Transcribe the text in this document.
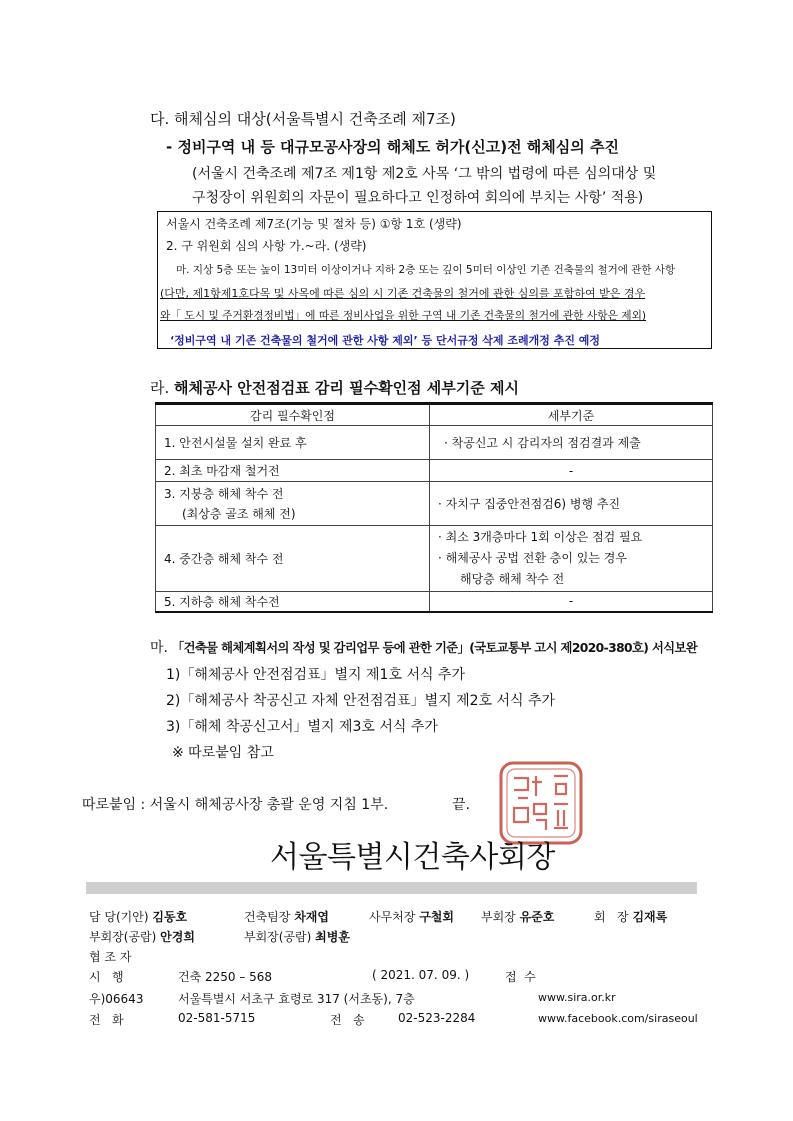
다. 해체심의 대상(서울특별시 건축조례 제7조)
- 정비구역 내 등 대규모공사장의 해체도 허가(신고)전 해체심의 추진
(서울시 건축조례 제7조 제1항 제2호 사목 ‘그 밖의 법령에 따른 심의대상 및
구청장이 위원회의 자문이 필요하다고 인정하여 회의에 부치는 사항’ 적용)
서울시 건축조례 제7조(기능 및 절차 등) ①항 1호 (생략)
2. 구 위원회 심의 사항 가.~라. (생략)
마. 지상 5층 또는 높이 13미터 이상이거나 지하 2층 또는 깊이 5미터 이상인 기존 건축물의 철거에 관한 사항
(다만, 제1항제1호다목 및 사목에 따른 심의 시 기존 건축물의 철거에 관한 심의를 포함하여 받은 경우
와「 도시 및 주거환경정비법」에 따른 정비사업을 위한 구역 내 기존 건축물의 철거에 관한 사항은 제외)
‘정비구역 내 기존 건축물의 철거에 관한 사항 제외’ 등 단서규정 삭제 조례개정 추진 예정
라. 해체공사 안전점검표 감리 필수확인점 세부기준 제시
감리 필수확인점	세부기준
1. 안전시설물 설치 완료 후	· 착공신고 시 감리자의 점검결과 제출
2. 최초 마감재 철거전	-

3. 지붕층 해체 착수 전
(최상층 골조 해체 전)	· 자치구 집중안전점검6) 병행 추진
4. 중간층 해체 착수 전	· 최소 3개층마다 1회 이상은 점검 필요
· 해체공사 공법 전환 층이 있는 경우
해당층 해체 착수 전

5. 지하층 해체 착수전	-
마. 「건축물 해체계획서의 작성 및 감리업무 등에 관한 기준」(국토교통부 고시 제2020-380호) 서식보완
1)「해체공사 안전점검표」별지 제1호 서식 추가
2)「해체공사 착공신고 자체 안전점검표」별지 제2호 서식 추가
3)「해체 착공신고서」별지 제3호 서식 추가
※ 따로붙임 참고
따로붙임 : 서울시 해체공사장 총괄 운영 지침 1부.	끝.
서울특별시건축사회장
담 당(기안) 김동호	건축팀장 차재엽	사무처장 구철회 부회장 유준호	회   장 김재록
부회장(공람) 안경희	부회장(공람) 최병훈
협 조 자
시   행	건축 2250 – 568	( 2021. 07. 09. )	접  수
우)06643	서울특별시 서초구 효령로 317 (서초동), 7층	www.sira.or.kr
전   화	02-581-5715	전   송	02-523-2284	www.facebook.com/siraseoul
